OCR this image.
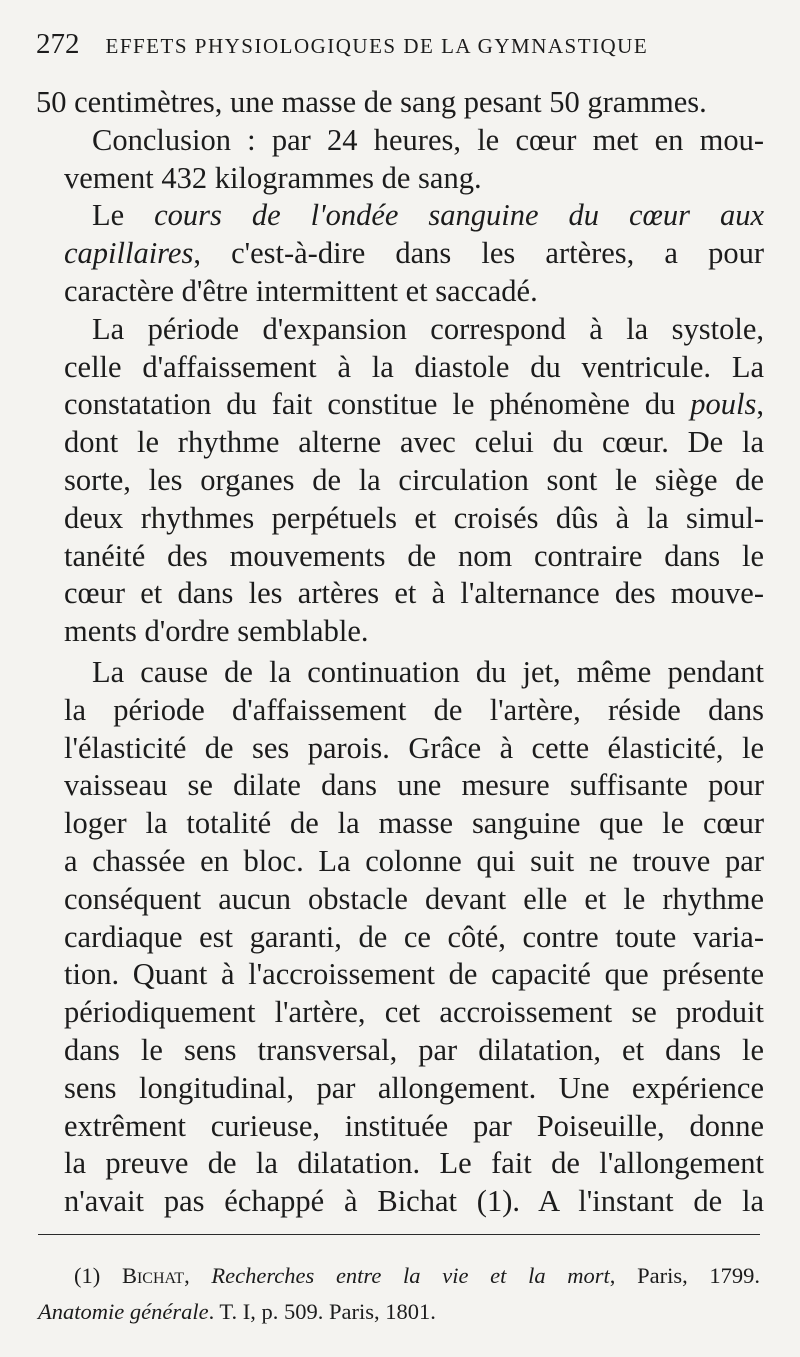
272 EFFETS PHYSIOLOGIQUES DE LA GYMNASTIQUE

50 centimètres, une masse de sang pesant 50 grammes.

Conclusion : par 24 heures, le cœur met en mou-
vement 432 kilogrammes de sang.

Le cours de l'ondée sanguine du cœur aux
capillaires, c'est-à-dire dans les artères, a pour
caractère d'être intermittent et saccadé.

La période d'expansion correspond à la systole,
celle d'affaissement à la diastole du ventricule. La
constatation du fait constitue le phénomène du pouls,
dont le rhythme alterne avec celui du cœur. De la
sorte, les organes de la circulation sont le siège de
deux rhythmes perpétuels et croisés dûs à la simul-
tanéité des mouvements de nom contraire dans le
cœur et dans les artères et à l'alternance des mouve-
ments d'ordre semblable.

La cause de la continuation du jet, même pendant
la période d'affaissement de l'artère, réside dans
l'élasticité de ses parois. Grâce à cette élasticité, le
vaisseau se dilate dans une mesure suffisante pour
loger la totalité de la masse sanguine que le cœur
a chassée en bloc. La colonne qui suit ne trouve par
conséquent aucun obstacle devant elle et le rhythme
cardiaque est garanti, de ce côté, contre toute varia-
tion. Quant à l'accroissement de capacité que présente
périodiquement l'artère, cet accroissement se produit
dans le sens transversal, par dilatation, et dans le
sens longitudinal, par allongement. Une expérience
extrêment curieuse, instituée par Poiseuille, donne
la preuve de la dilatation. Le fait de l'allongement
n'avait pas échappé à Bichat (1). A l'instant de la

(1) Bichat, Recherches entre la vie et la mort, Paris, 1799.
Anatomie générale. T. I, p. 509. Paris, 1801.
